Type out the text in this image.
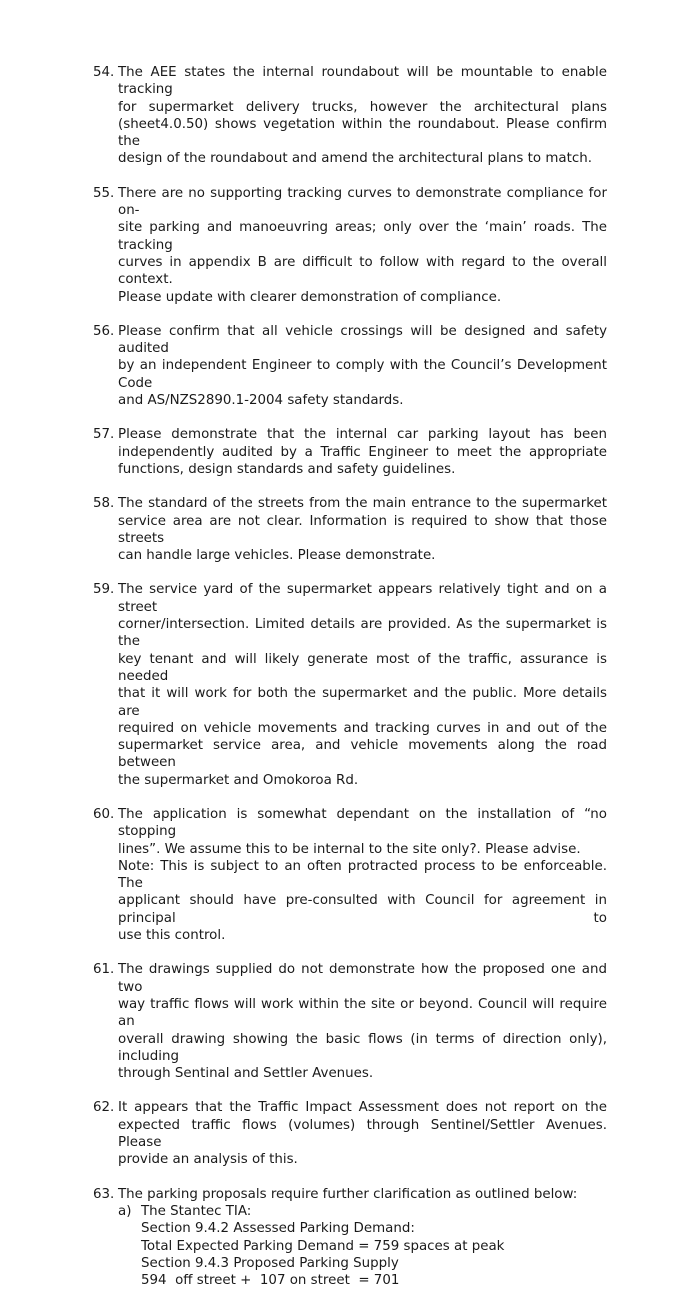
54. The AEE states the internal roundabout will be mountable to enable tracking
for supermarket delivery trucks, however the architectural plans
(sheet4.0.50) shows vegetation within the roundabout. Please confirm the
design of the roundabout and amend the architectural plans to match.
55. There are no supporting tracking curves to demonstrate compliance for on-
site parking and manoeuvring areas; only over the ‘main’ roads. The tracking
curves in appendix B are difficult to follow with regard to the overall context.
Please update with clearer demonstration of compliance.
56. Please confirm that all vehicle crossings will be designed and safety audited
by an independent Engineer to comply with the Council’s Development Code
and AS/NZS2890.1-2004 safety standards.
57. Please demonstrate that the internal car parking layout has been
independently audited by a Traffic Engineer to meet the appropriate
functions, design standards and safety guidelines.
58. The standard of the streets from the main entrance to the supermarket
service area are not clear. Information is required to show that those streets
can handle large vehicles. Please demonstrate.
59. The service yard of the supermarket appears relatively tight and on a street
corner/intersection. Limited details are provided. As the supermarket is the
key tenant and will likely generate most of the traffic, assurance is needed
that it will work for both the supermarket and the public. More details are
required on vehicle movements and tracking curves in and out of the
supermarket service area, and vehicle movements along the road between
the supermarket and Omokoroa Rd.
60. The application is somewhat dependant on the installation of “no stopping
lines”. We assume this to be internal to the site only?. Please advise.
Note: This is subject to an often protracted process to be enforceable. The
applicant should have pre-consulted with Council for agreement in principal to
use this control.
61. The drawings supplied do not demonstrate how the proposed one and two
way traffic flows will work within the site or beyond. Council will require an
overall drawing showing the basic flows (in terms of direction only), including
through Sentinal and Settler Avenues.
62. It appears that the Traffic Impact Assessment does not report on the
expected traffic flows (volumes) through Sentinel/Settler Avenues. Please
provide an analysis of this.
63. The parking proposals require further clarification as outlined below:
a) The Stantec TIA:
Section 9.4.2 Assessed Parking Demand:
Total Expected Parking Demand = 759 spaces at peak
Section 9.4.3 Proposed Parking Supply
594  off street +  107 on street  = 701
